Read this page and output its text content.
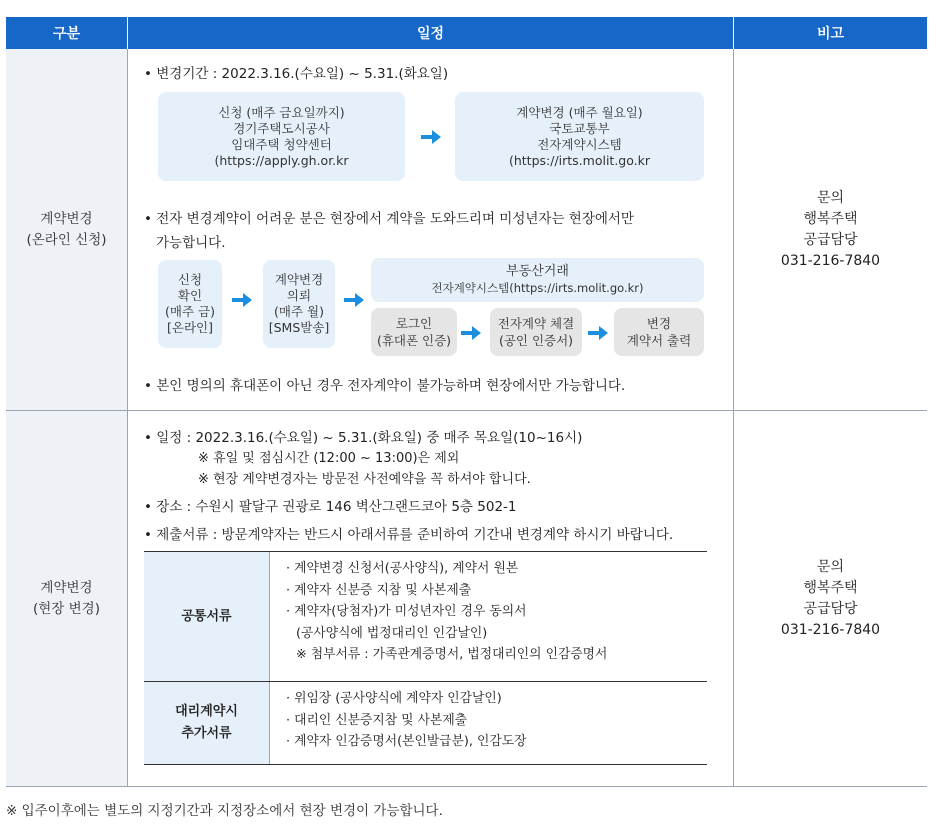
구분	일정	비고
계약변경
(온라인 신청)
• 변경기간 : 2022.3.16.(수요일) ~ 5.31.(화요일)
신청 (매주 금요일까지)
경기주택도시공사
임대주택 청약센터
(https://apply.gh.or.kr
계약변경 (매주 월요일)
국토교통부
전자계약시스템
(https://irts.molit.go.kr
• 전자 변경계약이 어려운 분은 현장에서 계약을 도와드리며 미성년자는 현장에서만
가능합니다.
신청
확인
(매주 금)
[온라인]
계약변경
의뢰
(매주 월)
[SMS발송]
부동산거래
전자계약시스템(https://irts.molit.go.kr)
로그인
(휴대폰 인증)
전자계약 체결
(공인 인증서)
변경
계약서 출력
• 본인 명의의 휴대폰이 아닌 경우 전자계약이 불가능하며 현장에서만 가능합니다.
문의
행복주택
공급담당
031-216-7840
계약변경
(현장 변경)
• 일정 : 2022.3.16.(수요일) ~ 5.31.(화요일) 중 매주 목요일(10~16시)
※ 휴일 및 점심시간 (12:00 ~ 13:00)은 제외
※ 현장 계약변경자는 방문전 사전예약을 꼭 하셔야 합니다.
• 장소 : 수원시 팔달구 권광로 146 벽산그랜드코아 5층 502-1
• 제출서류 : 방문계약자는 반드시 아래서류를 준비하여 기간내 변경계약 하시기 바랍니다.
공통서류
· 계약변경 신청서(공사양식), 계약서 원본
· 계약자 신분증 지참 및 사본제출
· 계약자(당첨자)가 미성년자인 경우 동의서
(공사양식에 법정대리인 인감날인)
※ 첨부서류 : 가족관계증명서, 법정대리인의 인감증명서
대리계약시
추가서류
· 위임장 (공사양식에 계약자 인감날인)
· 대리인 신분증지참 및 사본제출
· 계약자 인감증명서(본인발급분), 인감도장
문의
행복주택
공급담당
031-216-7840
※ 입주이후에는 별도의 지정기간과 지정장소에서 현장 변경이 가능합니다.
